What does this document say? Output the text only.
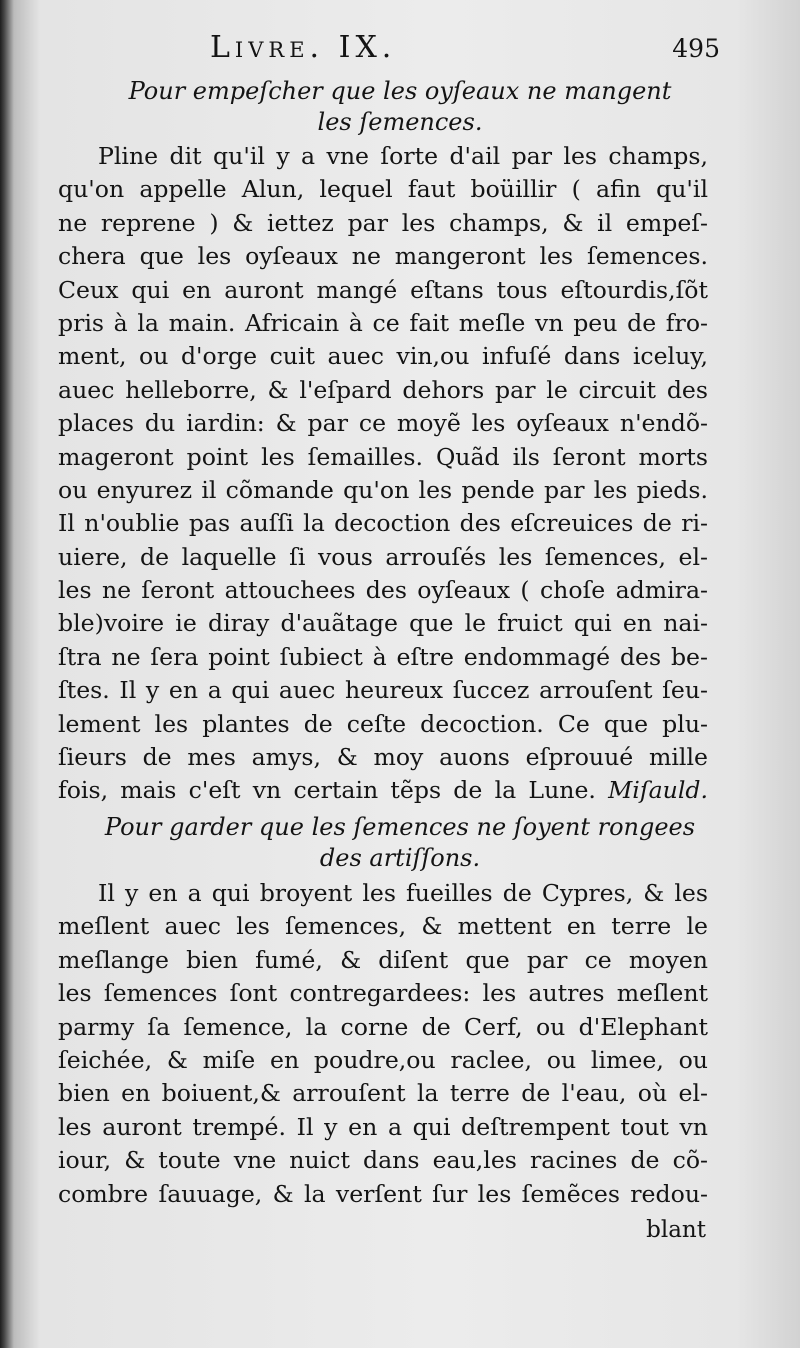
Livre. IX.	495
Pour empeſcher que les oyſeaux ne mangent
les ſemences.
Pline dit qu'il y a vne ſorte d'ail par les champs,
qu'on appelle Alun, lequel faut boüillir ( afin qu'il
ne reprene ) & iettez par les champs, & il empeſ-
chera que les oyſeaux ne mangeront les ſemences.
Ceux qui en auront mangé eſtans tous eſtourdis,ſõt
pris à la main. Africain à ce fait meſle vn peu de fro-
ment, ou d'orge cuit auec vin,ou infuſé dans iceluy,
auec helleborre, & l'eſpard dehors par le circuit des
places du iardin: & par ce moyẽ les oyſeaux n'endõ-
mageront point les ſemailles. Quãd ils ſeront morts
ou enyurez il cõmande qu'on les pende par les pieds.
Il n'oublie pas auſſi la decoction des eſcreuices de ri-
uiere, de laquelle ſi vous arrouſés les ſemences, el-
les ne ſeront attouchees des oyſeaux ( choſe admira-
ble)voire ie diray d'auãtage que le fruict qui en nai-
ſtra ne ſera point ſubiect à eſtre endommagé des be-
ſtes. Il y en a qui auec heureux ſuccez arrouſent ſeu-
lement les plantes de ceſte decoction. Ce que plu-
ſieurs de mes amys, & moy auons eſprouué mille
fois, mais c'eſt vn certain tẽps de la Lune. Miſauld.
Pour garder que les ſemences ne ſoyent rongees
des artiſſons.
Il y en a qui broyent les fueilles de Cypres, & les
meſlent auec les ſemences, & mettent en terre le
meſlange bien fumé, & diſent que par ce moyen
les ſemences ſont contregardees: les autres meſlent
parmy ſa ſemence, la corne de Cerf, ou d'Elephant
ſeichée, & miſe en poudre,ou raclee, ou limee, ou
bien en boiuent,& arrouſent la terre de l'eau, où el-
les auront trempé. Il y en a qui deſtrempent tout vn
iour, & toute vne nuict dans eau,les racines de cõ-
combre ſauuage, & la verſent ſur les ſemẽces redou-
blant
